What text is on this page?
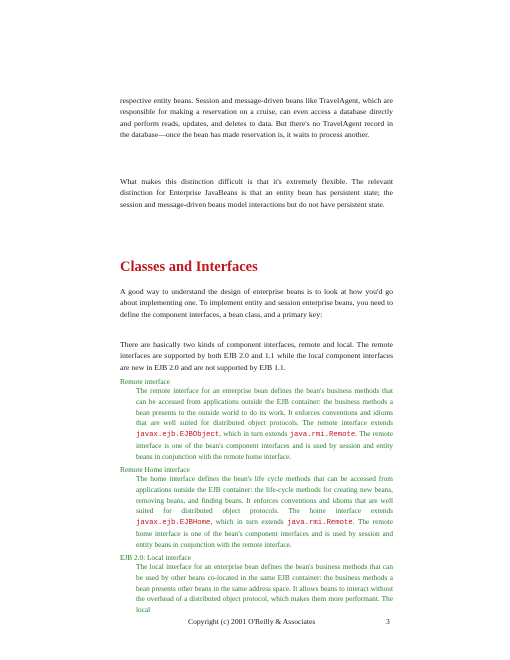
respective entity beans. Session and message-driven beans like TravelAgent, which are responsible for making a reservation on a cruise, can even access a database directly and perform reads, updates, and deletes to data. But there's no TravelAgent record in the database—once the bean has made reservation is, it waits to process another.

What makes this distinction difficult is that it's extremely flexible. The relevant distinction for Enterprise JavaBeans is that an entity bean has persistent state; the session and message-driven beans model interactions but do not have persistent state.

Classes and Interfaces

A good way to understand the design of enterprise beans is to look at how you'd go about implementing one. To implement entity and session enterprise beans, you need to define the component interfaces, a bean class, and a primary key:

There are basically two kinds of component interfaces, remote and local. The remote interfaces are supported by both EJB 2.0 and 1.1 while the local component interfaces are new in EJB 2.0 and are not supported by EJB 1.1.

Remote interface

The remote interface for an enterprise bean defines the bean's business methods that can be accessed from applications outside the EJB container: the business methods a bean presents to the outside world to do its work. It enforces conventions and idioms that are well suited for distributed object protocols. The remote interface extends javax.ejb.EJBObject, which in turn extends java.rmi.Remote. The remote interface is one of the bean's component interfaces and is used by session and entity beans in conjunction with the remote home interface.

Remote Home interface

The home interface defines the bean's life cycle methods that can be accessed from applications outside the EJB container: the life-cycle methods for creating new beans, removing beans, and finding beans. It enforces conventions and idioms that are well suited for distributed object protocols. The home interface extends javax.ejb.EJBHome, which in turn extends java.rmi.Remote. The remote home interface is one of the bean's component interfaces and is used by session and entity beans in conjunction with the remote interface.

EJB 2.0: Local interface

The local interface for an enterprise bean defines the bean's business methods that can be used by other beans co-located in the same EJB container: the business methods a bean presents other beans in the same address space. It allows beans to interact without the overhead of a distributed object protocol, which makes them more performant. The local

Copyright (c) 2001 O'Reilly & Associates	3
